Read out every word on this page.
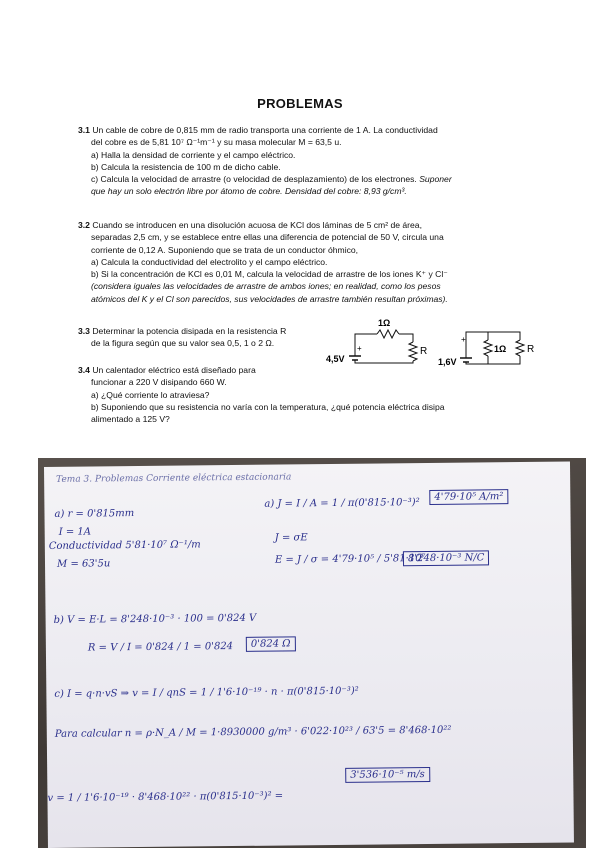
PROBLEMAS
3.1 Un cable de cobre de 0,815 mm de radio transporta una corriente de 1 A. La conductividad
del cobre es de 5,81 10⁷ Ω⁻¹m⁻¹ y su masa molecular M = 63,5 u.
a) Halla la densidad de corriente y el campo eléctrico.
b) Calcula la resistencia de 100 m de dicho cable.
c) Calcula la velocidad de arrastre (o velocidad de desplazamiento) de los electrones. Suponer
que hay un solo electrón libre por átomo de cobre. Densidad del cobre: 8,93 g/cm³.
3.2 Cuando se introducen en una disolución acuosa de KCl dos láminas de 5 cm² de área,
separadas 2,5 cm, y se establece entre ellas una diferencia de potencial de 50 V, circula una
corriente de 0,12 A. Suponiendo que se trata de un conductor óhmico,
a) Calcula la conductividad del electrolito y el campo eléctrico.
b) Si la concentración de KCl es 0,01 M, calcula la velocidad de arrastre de los iones K⁺ y Cl⁻
(considera iguales las velocidades de arrastre de ambos iones; en realidad, como los pesos
atómicos del K y el Cl son parecidos, sus velocidades de arrastre también resultan próximas).
3.3 Determinar la potencia disipada en la resistencia R
de la figura según que su valor sea 0,5, 1 o 2 Ω.
3.4 Un calentador eléctrico está diseñado para
funcionar a 220 V disipando 660 W.
a) ¿Qué corriente lo atraviesa?
b) Suponiendo que su resistencia no varía con la temperatura, ¿qué potencia eléctrica disipa
alimentado a 125 V?
1Ω
R
4,5V
+	1Ω R
1,6V
+
Tema 3. Problemas Corriente eléctrica estacionaria
a) r = 0'815mm
I = 1A
Conductividad 5'81·10⁷ Ω⁻¹/m
M = 63'5u
a) J = I / A = 1 / π(0'815·10⁻³)²
4'79·10⁵ A/m²
J = σE
E = J / σ = 4'79·10⁵ / 5'81·10⁷
8'248·10⁻³ N/C
b) V = E·L = 8'248·10⁻³ · 100 = 0'824 V
R = V / I = 0'824 / 1 = 0'824	0'824 Ω
c) I = q·n·vS ⇒ v = I / qnS = 1 / 1'6·10⁻¹⁹ · n · π(0'815·10⁻³)²
Para calcular n = ρ·N_A / M = 1·8930000 g/m³ · 6'022·10²³ / 63'5 = 8'468·10²²
v = 1 / 1'6·10⁻¹⁹ · 8'468·10²² · π(0'815·10⁻³)² =
3'536·10⁻⁵ m/s
